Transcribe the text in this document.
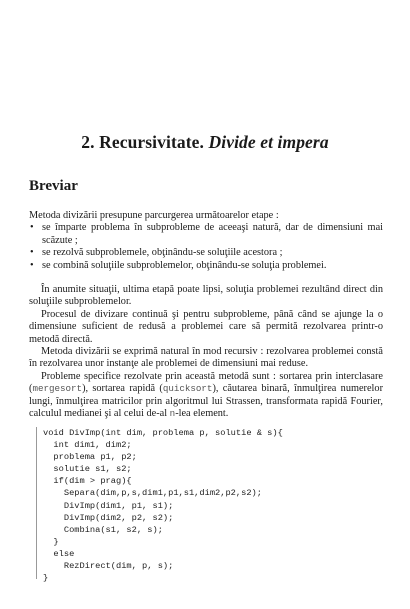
2. Recursivitate. Divide et impera
Breviar

Metoda divizării presupune parcurgerea următoarelor etape :

• se împarte problema în subprobleme de aceeaşi natură, dar de dimensiuni mai scăzute ;
• se rezolvă subproblemele, obţinându-se soluţiile acestora ;
• se combină soluţiile subproblemelor, obţinându-se soluţia problemei.

În anumite situaţii, ultima etapă poate lipsi, soluţia problemei rezultând direct din soluţiile subproblemelor.

Procesul de divizare continuă şi pentru subprobleme, până când se ajunge la o dimensiune suficient de redusă a problemei care să permită rezolvarea printr-o metodă directă.

Metoda divizării se exprimă natural în mod recursiv : rezolvarea problemei constă în rezolvarea unor instanţe ale problemei de dimensiuni mai reduse.

Probleme specifice rezolvate prin această metodă sunt : sortarea prin interclasare (mergesort), sortarea rapidă (quicksort), căutarea binară, înmulţirea numerelor lungi, înmulţirea matricilor prin algoritmul lui Strassen, transformata rapidă Fourier, calculul medianei şi al celui de-al n-lea element.

void DivImp(int dim, problema p, solutie & s){
int dim1, dim2;
problema p1, p2;
solutie s1, s2;
if(dim > prag){
Separa(dim,p,s,dim1,p1,s1,dim2,p2,s2);
DivImp(dim1, p1, s1);
DivImp(dim2, p2, s2);
Combina(s1, s2, s);
}
else
RezDirect(dim, p, s);
}
